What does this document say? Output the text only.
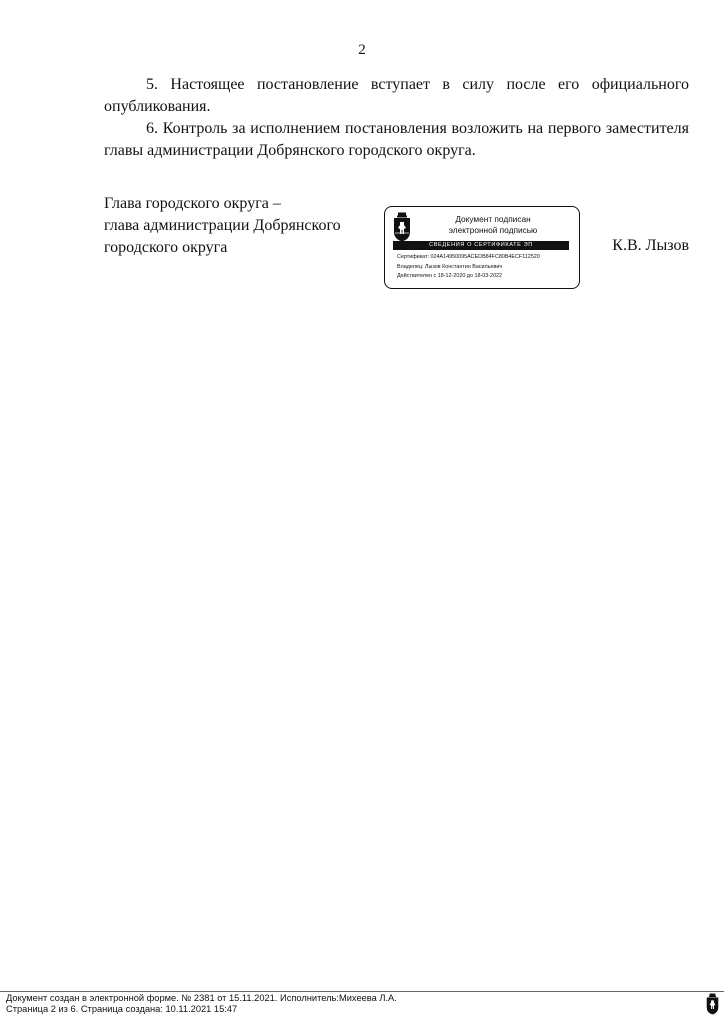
2

5. Настоящее постановление вступает в силу после его официального опубликования.

6. Контроль за исполнением постановления возложить на первого заместителя главы администрации Добрянского городского округа.

Глава городского округа –
глава администрации Добрянского
городского округа
Документ подписан
электронной подписью
СВЕДЕНИЯ О СЕРТИФИКАТЕ ЭП
Сертификат: 024A14950095ACEDB84FC80B4ECF112520
Владелец: Лызов Константин Васильевич
Действителен с 18-12-2020 до 18-03-2022
К.В. Лызов
Документ создан в электронной форме. № 2381 от 15.11.2021. Исполнитель:Михеева Л.А.
Страница 2 из 6. Страница создана: 10.11.2021 15:47
